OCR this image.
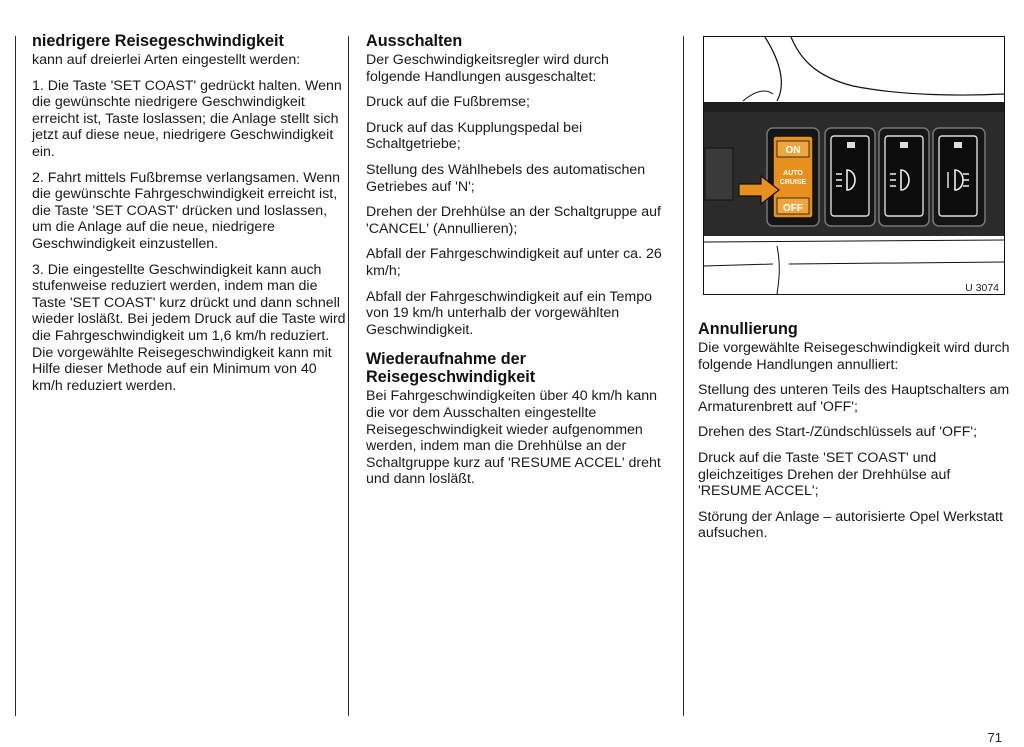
niedrigere Reisegeschwindigkeit

kann auf dreierlei Arten eingestellt werden:

1. Die Taste 'SET COAST' gedrückt halten. Wenn die gewünschte niedrigere Geschwindigkeit erreicht ist, Taste loslassen; die Anlage stellt sich jetzt auf diese neue, niedrigere Geschwindigkeit ein.

2. Fahrt mittels Fußbremse verlangsamen. Wenn die gewünschte Fahrgeschwindigkeit erreicht ist, die Taste 'SET COAST' drücken und loslassen, um die Anlage auf die neue, niedrigere Geschwindigkeit einzustellen.

3. Die eingestellte Geschwindigkeit kann auch stufenweise reduziert werden, indem man die Taste 'SET COAST' kurz drückt und dann schnell wieder losläßt. Bei jedem Druck auf die Taste wird die Fahrgeschwindigkeit um 1,6 km/h reduziert. Die vorgewählte Reisegeschwindigkeit kann mit Hilfe dieser Methode auf ein Minimum von 40 km/h reduziert werden.

Ausschalten

Der Geschwindigkeitsregler wird durch folgende Handlungen ausgeschaltet:

Druck auf die Fußbremse;

Druck auf das Kupplungspedal bei Schaltgetriebe;

Stellung des Wählhebels des automatischen Getriebes auf 'N';

Drehen der Drehhülse an der Schaltgruppe auf 'CANCEL' (Annullieren);

Abfall der Fahrgeschwindigkeit auf unter ca. 26 km/h;

Abfall der Fahrgeschwindigkeit auf ein Tempo von 19 km/h unterhalb der vorgewählten Geschwindigkeit.

Wiederaufnahme der Reisegeschwindigkeit

Bei Fahrgeschwindigkeiten über 40 km/h kann die vor dem Ausschalten eingestellte Reisegeschwindigkeit wieder aufgenommen werden, indem man die Drehhülse an der Schaltgruppe kurz auf 'RESUME ACCEL' dreht und dann losläßt.

ON
AUTO
CRUISE
OFF
U 3074
Annullierung

Die vorgewählte Reisegeschwindigkeit wird durch folgende Handlungen annulliert:

Stellung des unteren Teils des Hauptschalters am Armaturenbrett auf 'OFF';

Drehen des Start-/Zündschlüssels auf 'OFF';

Druck auf die Taste 'SET COAST' und gleichzeitiges Drehen der Drehhülse auf 'RESUME ACCEL';

Störung der Anlage – autorisierte Opel Werkstatt aufsuchen.

71
